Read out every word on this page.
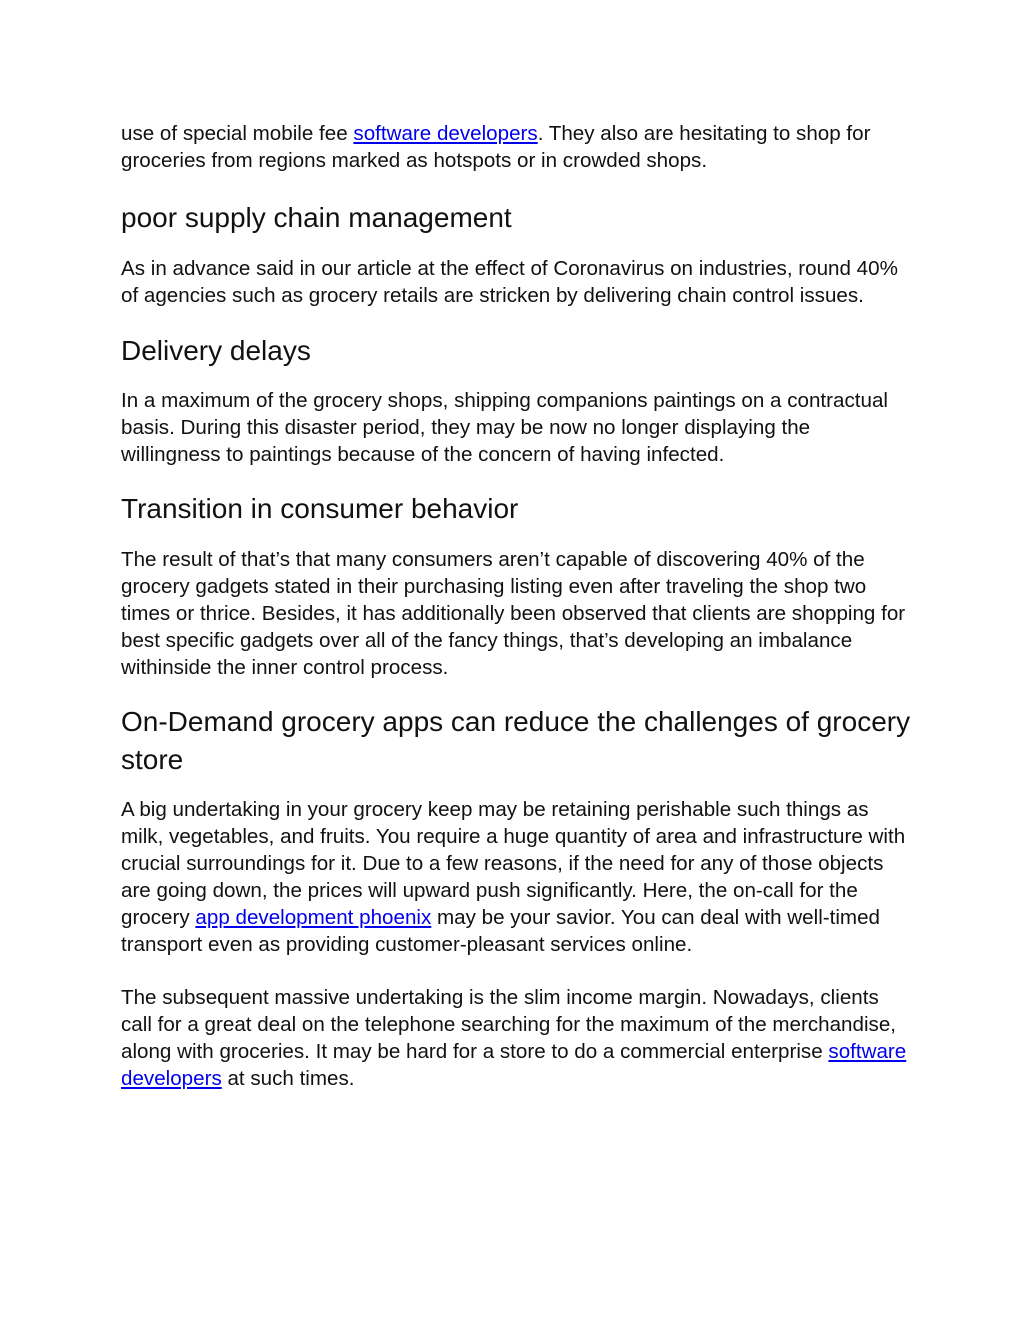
use of special mobile fee software developers. They also are hesitating to shop for groceries from regions marked as hotspots or in crowded shops.

poor supply chain management

As in advance said in our article at the effect of Coronavirus on industries, round 40% of agencies such as grocery retails are stricken by delivering chain control issues.

Delivery delays

In a maximum of the grocery shops, shipping companions paintings on a contractual basis. During this disaster period, they may be now no longer displaying the willingness to paintings because of the concern of having infected.

Transition in consumer behavior

The result of that’s that many consumers aren’t capable of discovering 40% of the grocery gadgets stated in their purchasing listing even after traveling the shop two times or thrice. Besides, it has additionally been observed that clients are shopping for best specific gadgets over all of the fancy things, that’s developing an imbalance withinside the inner control process.

On-Demand grocery apps can reduce the challenges of grocery store

A big undertaking in your grocery keep may be retaining perishable such things as milk, vegetables, and fruits. You require a huge quantity of area and infrastructure with crucial surroundings for it. Due to a few reasons, if the need for any of those objects are going down, the prices will upward push significantly. Here, the on-call for the grocery app development phoenix may be your savior. You can deal with well-timed transport even as providing customer-pleasant services online.

The subsequent massive undertaking is the slim income margin. Nowadays, clients call for a great deal on the telephone searching for the maximum of the merchandise, along with groceries. It may be hard for a store to do a commercial enterprise software developers at such times.
